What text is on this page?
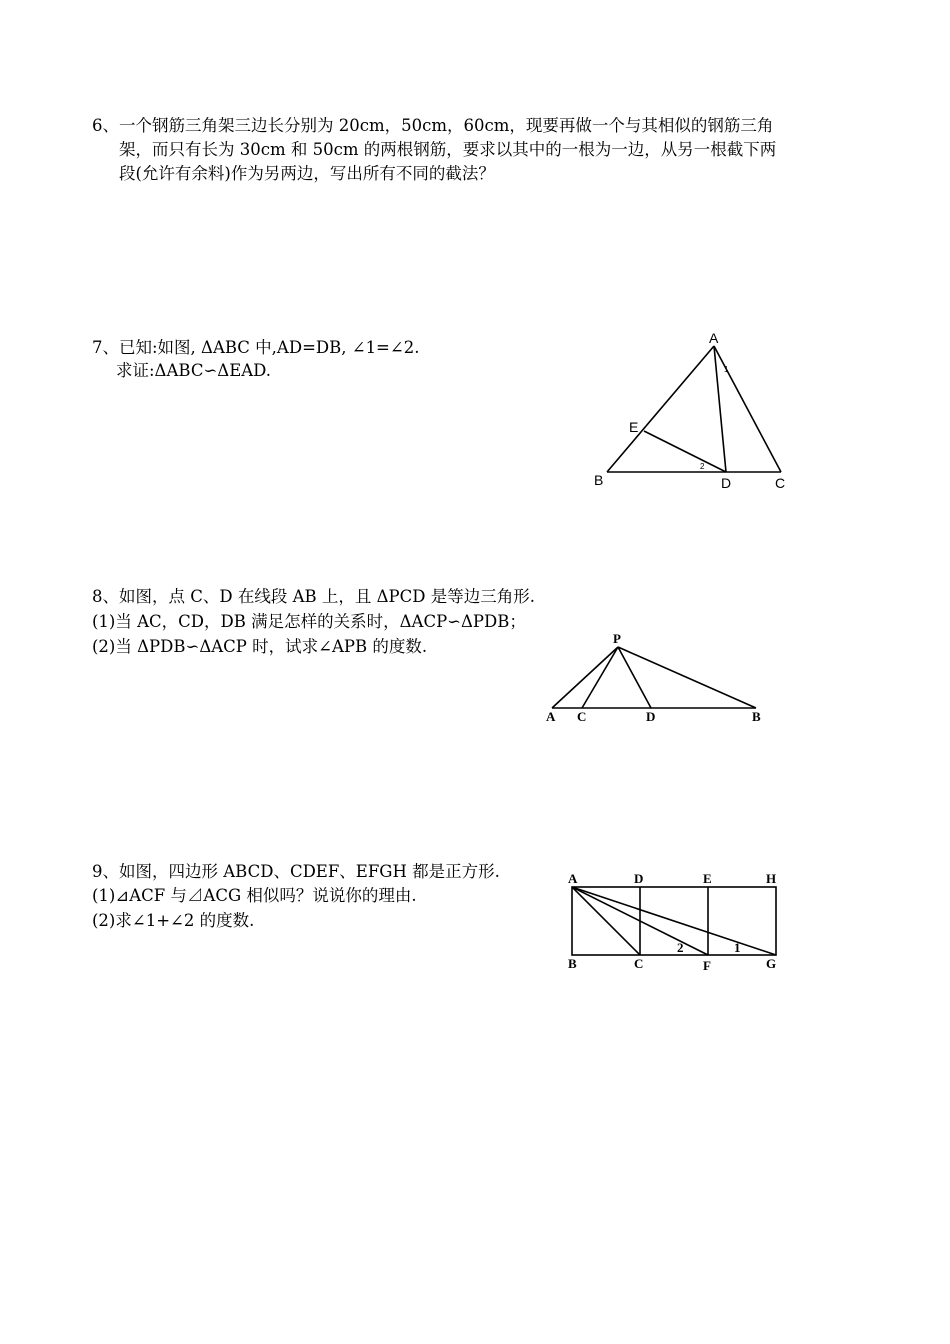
6、一个钢筋三角架三边长分别为 20cm，50cm，60cm，现要再做一个与其相似的钢筋三角

架，而只有长为 30cm 和 50cm 的两根钢筋，要求以其中的一根为一边，从另一根截下两

段(允许有余料)作为另两边，写出所有不同的截法？

7、已知:如图, ΔABC 中,AD=DB, ∠1=∠2.

求证:ΔABC∽ΔEAD.

A
E
B	D	C
1
2

8、如图，点 C、D 在线段 AB 上，且 ΔPCD 是等边三角形.

(1)当 AC，CD，DB 满足怎样的关系时，ΔACP∽ΔPDB；

(2)当 ΔPDB∽ΔACP 时，试求∠APB 的度数.	P
A C	D	B

9、如图，四边形 ABCD、CDEF、EFGH 都是正方形.

(1)⊿ACF 与⊿ACG 相似吗？说说你的理由.

(2)求∠1+∠2 的度数.

A	D	E	H
B	C	F	G
2	1
